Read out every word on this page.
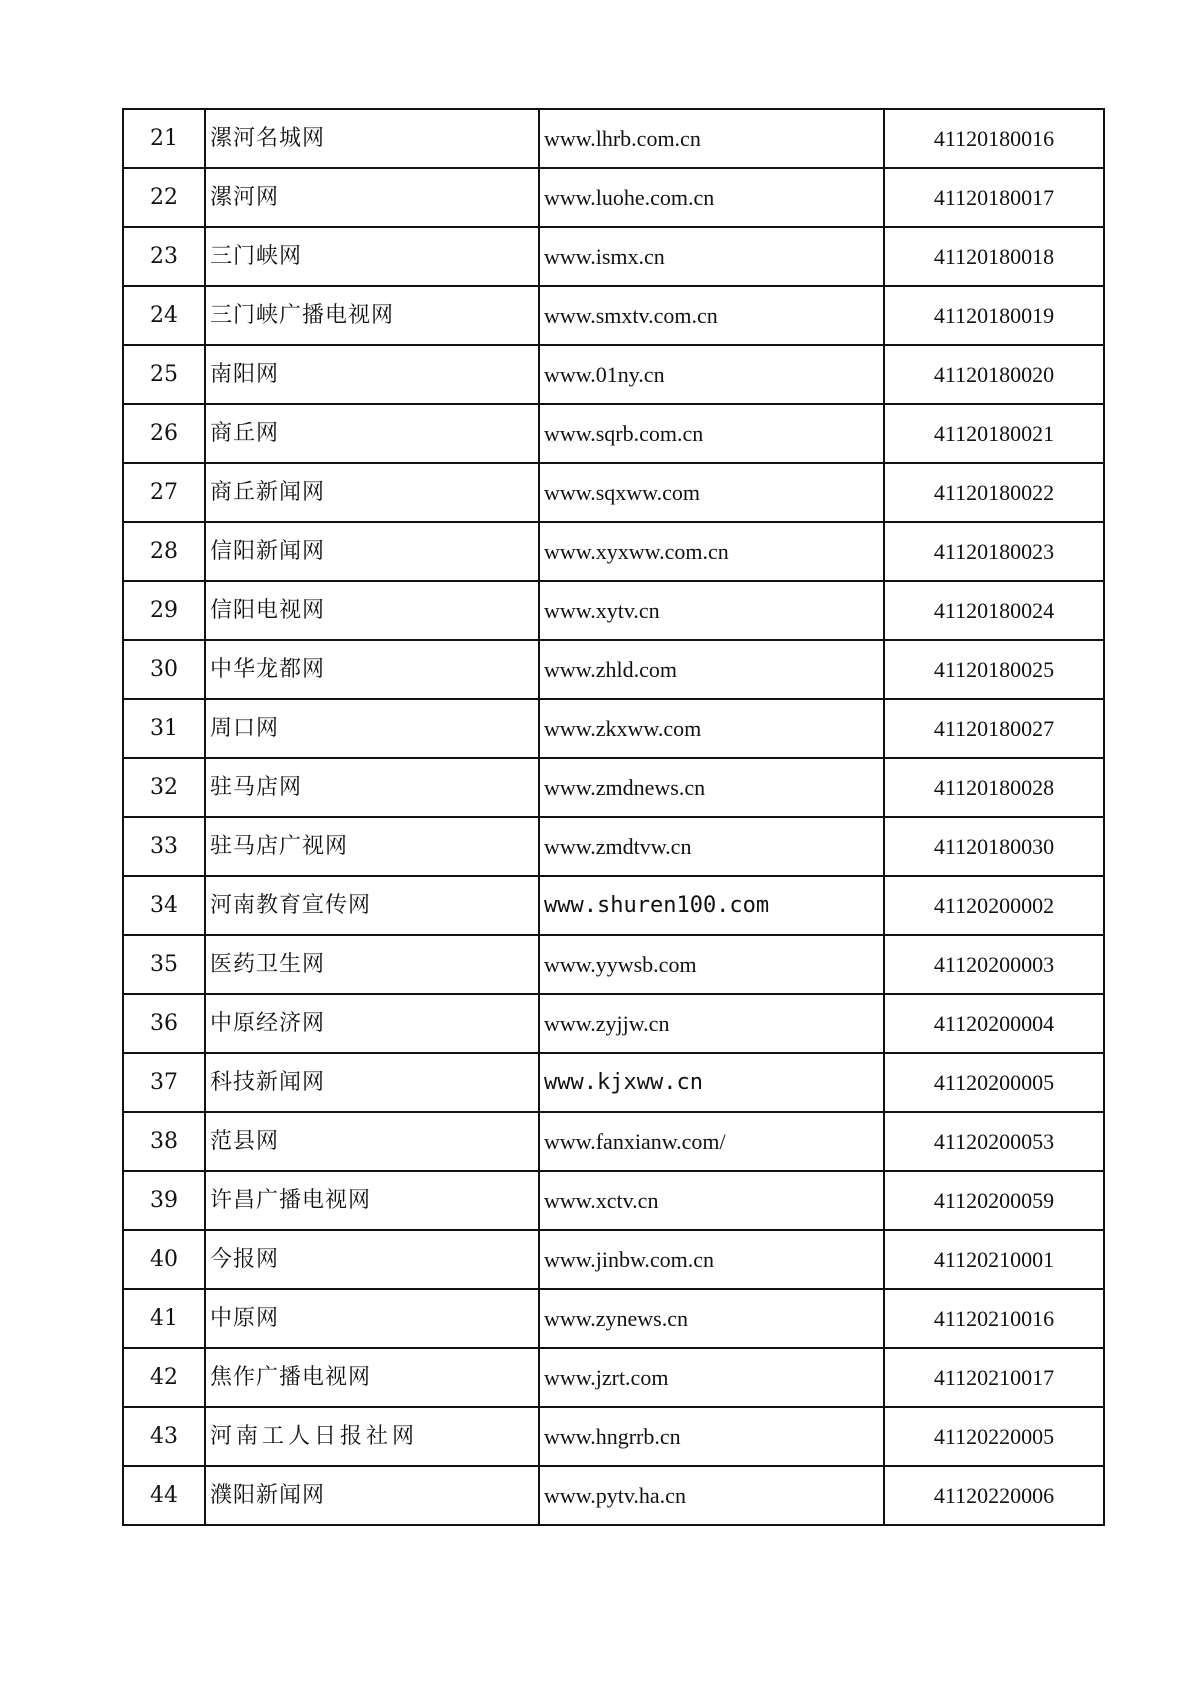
21	漯河名城网	www.lhrb.com.cn	41120180016
22	漯河网	www.luohe.com.cn	41120180017
23	三门峡网	www.ismx.cn	41120180018
24	三门峡广播电视网	www.smxtv.com.cn	41120180019
25	南阳网	www.01ny.cn	41120180020
26	商丘网	www.sqrb.com.cn	41120180021
27	商丘新闻网	www.sqxww.com	41120180022
28	信阳新闻网	www.xyxww.com.cn	41120180023
29	信阳电视网	www.xytv.cn	41120180024
30	中华龙都网	www.zhld.com	41120180025
31	周口网	www.zkxww.com	41120180027
32	驻马店网	www.zmdnews.cn	41120180028
33	驻马店广视网	www.zmdtvw.cn	41120180030
34	河南教育宣传网	www.shuren100.com	41120200002
35	医药卫生网	www.yywsb.com	41120200003
36	中原经济网	www.zyjjw.cn	41120200004
37	科技新闻网	www.kjxww.cn	41120200005
38	范县网	www.fanxianw.com/	41120200053
39	许昌广播电视网	www.xctv.cn	41120200059
40	今报网	www.jinbw.com.cn	41120210001
41	中原网	www.zynews.cn	41120210016
42	焦作广播电视网	www.jzrt.com	41120210017
43	河南工人日报社网	www.hngrrb.cn	41120220005
44	濮阳新闻网	www.pytv.ha.cn	41120220006
